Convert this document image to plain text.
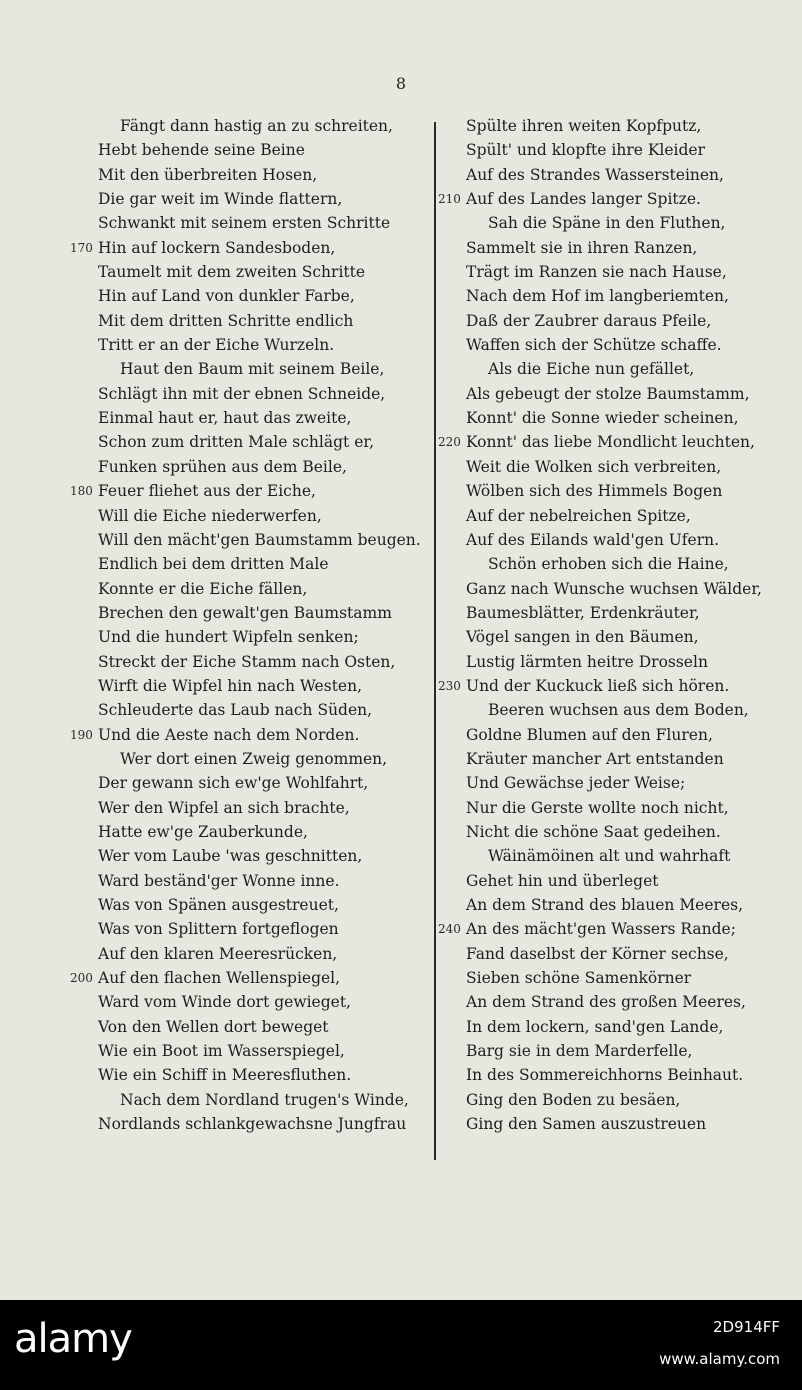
8
Fängt dann hastig an zu schreiten,
Hebt behende seine Beine
Mit den überbreiten Hosen,
Die gar weit im Winde flattern,
Schwankt mit seinem ersten Schritte
170 Hin auf lockern Sandesboden,
Taumelt mit dem zweiten Schritte
Hin auf Land von dunkler Farbe,
Mit dem dritten Schritte endlich
Tritt er an der Eiche Wurzeln.
Haut den Baum mit seinem Beile,
Schlägt ihn mit der ebnen Schneide,
Einmal haut er, haut das zweite,
Schon zum dritten Male schlägt er,
Funken sprühen aus dem Beile,
180 Feuer fliehet aus der Eiche,
Will die Eiche niederwerfen,
Will den mächt'gen Baumstamm beugen.
Endlich bei dem dritten Male
Konnte er die Eiche fällen,
Brechen den gewalt'gen Baumstamm
Und die hundert Wipfeln senken;
Streckt der Eiche Stamm nach Osten,
Wirft die Wipfel hin nach Westen,
Schleuderte das Laub nach Süden,
190 Und die Aeste nach dem Norden.
Wer dort einen Zweig genommen,
Der gewann sich ew'ge Wohlfahrt,
Wer den Wipfel an sich brachte,
Hatte ew'ge Zauberkunde,
Wer vom Laube 'was geschnitten,
Ward beständ'ger Wonne inne.
Was von Spänen ausgestreuet,
Was von Splittern fortgeflogen
Auf den klaren Meeresrücken,
200 Auf den flachen Wellenspiegel,
Ward vom Winde dort gewieget,
Von den Wellen dort beweget
Wie ein Boot im Wasserspiegel,
Wie ein Schiff in Meeresfluthen.
Nach dem Nordland trugen's Winde,
Nordlands schlankgewachsne Jungfrau
Spülte ihren weiten Kopfputz,
Spült' und klopfte ihre Kleider
Auf des Strandes Wassersteinen,
210 Auf des Landes langer Spitze.
Sah die Späne in den Fluthen,
Sammelt sie in ihren Ranzen,
Trägt im Ranzen sie nach Hause,
Nach dem Hof im langberiemten,
Daß der Zaubrer daraus Pfeile,
Waffen sich der Schütze schaffe.
Als die Eiche nun gefället,
Als gebeugt der stolze Baumstamm,
Konnt' die Sonne wieder scheinen,
220 Konnt' das liebe Mondlicht leuchten,
Weit die Wolken sich verbreiten,
Wölben sich des Himmels Bogen
Auf der nebelreichen Spitze,
Auf des Eilands wald'gen Ufern.
Schön erhoben sich die Haine,
Ganz nach Wunsche wuchsen Wälder,
Baumesblätter, Erdenkräuter,
Vögel sangen in den Bäumen,
Lustig lärmten heitre Drosseln
230 Und der Kuckuck ließ sich hören.
Beeren wuchsen aus dem Boden,
Goldne Blumen auf den Fluren,
Kräuter mancher Art entstanden
Und Gewächse jeder Weise;
Nur die Gerste wollte noch nicht,
Nicht die schöne Saat gedeihen.
Wäinämöinen alt und wahrhaft
Gehet hin und überleget
An dem Strand des blauen Meeres,
240 An des mächt'gen Wassers Rande;
Fand daselbst der Körner sechse,
Sieben schöne Samenkörner
An dem Strand des großen Meeres,
In dem lockern, sand'gen Lande,
Barg sie in dem Marderfelle,
In des Sommereichhorns Beinhaut.
Ging den Boden zu besäen,
Ging den Samen auszustreuen
alamy	2D914FF
www.alamy.com
